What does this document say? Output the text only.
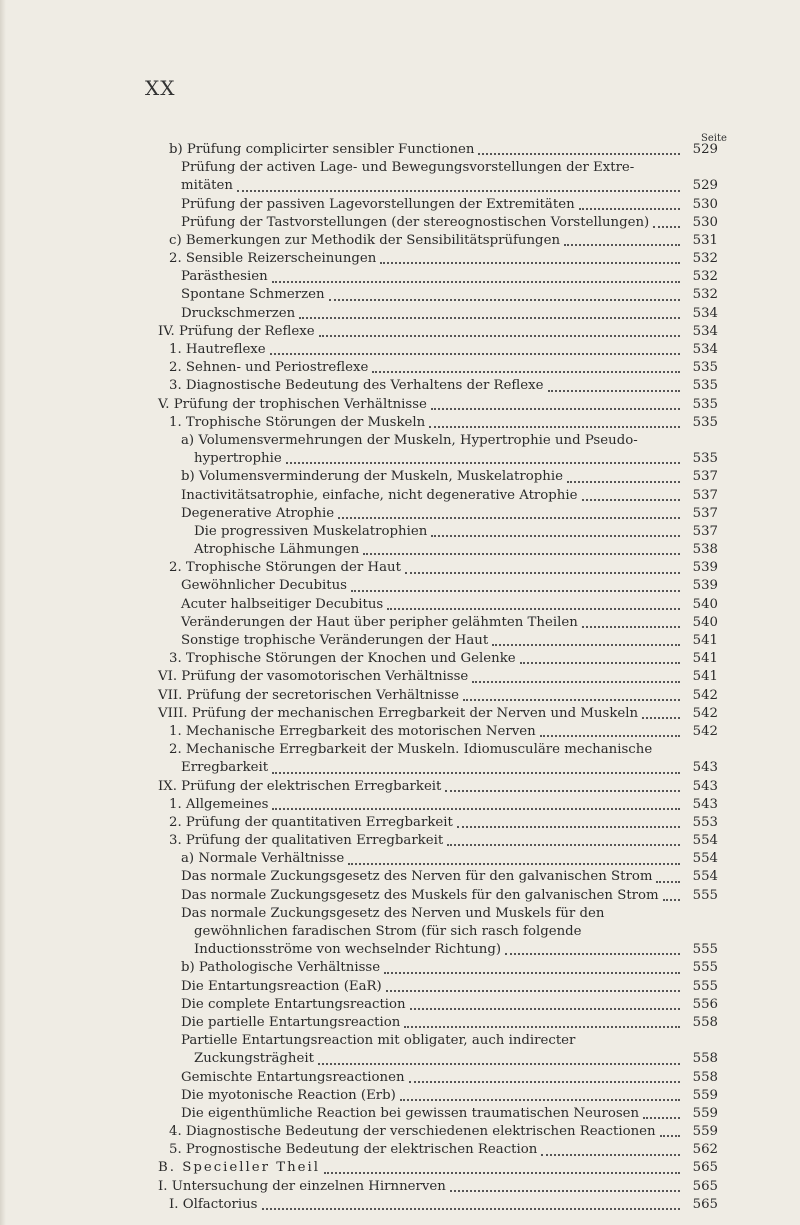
XX
Seite
b) Prüfung complicirter sensibler Functionen	529
Prüfung der activen Lage- und Bewegungsvorstellungen der Extre-
mitäten	529
Prüfung der passiven Lagevorstellungen der Extremitäten	530
Prüfung der Tastvorstellungen (der stereognostischen Vorstellungen)	530
c) Bemerkungen zur Methodik der Sensibilitätsprüfungen	531
2. Sensible Reizerscheinungen	532
Parästhesien	532
Spontane Schmerzen	532
Druckschmerzen	534
IV. Prüfung der Reflexe	534
1. Hautreflexe	534
2. Sehnen- und Periostreflexe	535
3. Diagnostische Bedeutung des Verhaltens der Reflexe	535
V. Prüfung der trophischen Verhältnisse	535
1. Trophische Störungen der Muskeln	535
a) Volumensvermehrungen der Muskeln, Hypertrophie und Pseudo-
hypertrophie	535
b) Volumensverminderung der Muskeln, Muskelatrophie	537
Inactivitätsatrophie, einfache, nicht degenerative Atrophie	537
Degenerative Atrophie	537
Die progressiven Muskelatrophien	537
Atrophische Lähmungen	538
2. Trophische Störungen der Haut	539
Gewöhnlicher Decubitus	539
Acuter halbseitiger Decubitus	540
Veränderungen der Haut über peripher gelähmten Theilen	540
Sonstige trophische Veränderungen der Haut	541
3. Trophische Störungen der Knochen und Gelenke	541
VI. Prüfung der vasomotorischen Verhältnisse	541
VII. Prüfung der secretorischen Verhältnisse	542
VIII. Prüfung der mechanischen Erregbarkeit der Nerven und Muskeln	542
1. Mechanische Erregbarkeit des motorischen Nerven	542
2. Mechanische Erregbarkeit der Muskeln. Idiomusculäre mechanische
Erregbarkeit	543
IX. Prüfung der elektrischen Erregbarkeit	543
1. Allgemeines	543
2. Prüfung der quantitativen Erregbarkeit	553
3. Prüfung der qualitativen Erregbarkeit	554
a) Normale Verhältnisse	554
Das normale Zuckungsgesetz des Nerven für den galvanischen Strom	554
Das normale Zuckungsgesetz des Muskels für den galvanischen Strom	555
Das normale Zuckungsgesetz des Nerven und Muskels für den
gewöhnlichen faradischen Strom (für sich rasch folgende
Inductionsströme von wechselnder Richtung)	555
b) Pathologische Verhältnisse	555
Die Entartungsreaction (EaR)	555
Die complete Entartungsreaction	556
Die partielle Entartungsreaction	558
Partielle Entartungsreaction mit obligater, auch indirecter
Zuckungsträgheit	558
Gemischte Entartungsreactionen	558
Die myotonische Reaction (Erb)	559
Die eigenthümliche Reaction bei gewissen traumatischen Neurosen	559
4. Diagnostische Bedeutung der verschiedenen elektrischen Reactionen	559
5. Prognostische Bedeutung der elektrischen Reaction	562
B. Specieller Theil	565
I. Untersuchung der einzelnen Hirnnerven	565
I. Olfactorius	565
